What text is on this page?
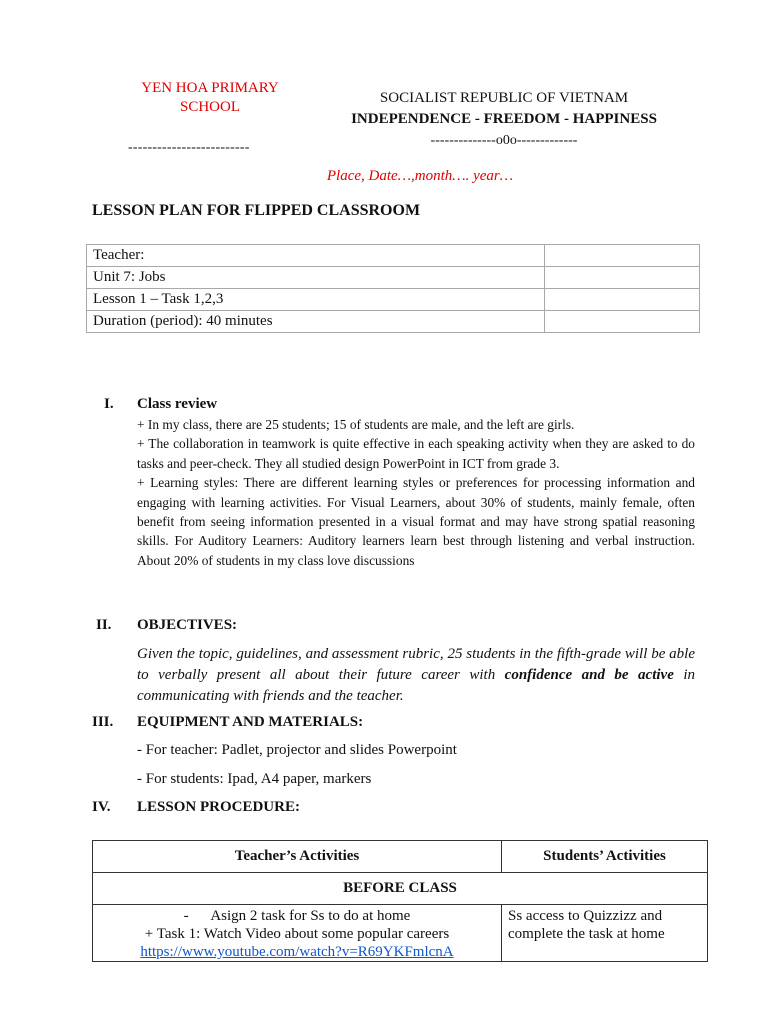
YEN HOA PRIMARY
SCHOOL
-------------------------
SOCIALIST REPUBLIC OF VIETNAM
INDEPENDENCE - FREEDOM - HAPPINESS
--------------o0o-------------
Place, Date…,month…. year…
LESSON PLAN FOR FLIPPED CLASSROOM
Teacher:	
Unit 7: Jobs	
Lesson 1 – Task 1,2,3	
Duration (period): 40 minutes	
I. Class review

+ In my class, there are 25 students; 15 of students are male, and the left are girls.

+ The collaboration in teamwork is quite effective in each speaking activity when they are asked to do tasks and peer-check. They all studied design PowerPoint in ICT from grade 3.

+ Learning styles: There are different learning styles or preferences for processing information and engaging with learning activities. For Visual Learners, about 30% of students, mainly female, often benefit from seeing information presented in a visual format and may have strong spatial reasoning skills. For Auditory Learners: Auditory learners learn best through listening and verbal instruction. About 20% of students in my class love discussions

II. OBJECTIVES:
Given the topic, guidelines, and assessment rubric, 25 students in the fifth-grade will be able to verbally present all about their future career with confidence and be active in communicating with friends and the teacher.
III. EQUIPMENT AND MATERIALS:
- For teacher: Padlet, projector and slides Powerpoint
- For students: Ipad, A4 paper, markers
IV. LESSON PROCEDURE:
Teacher’s Activities	Students’ Activities
BEFORE CLASS	

-      Asign 2 task for Ss to do at home
+ Task 1: Watch Video about some popular careers
https://www.youtube.com/watch?v=R69YKFmlcnA	Ss access to Quizzizz and complete the task at home
